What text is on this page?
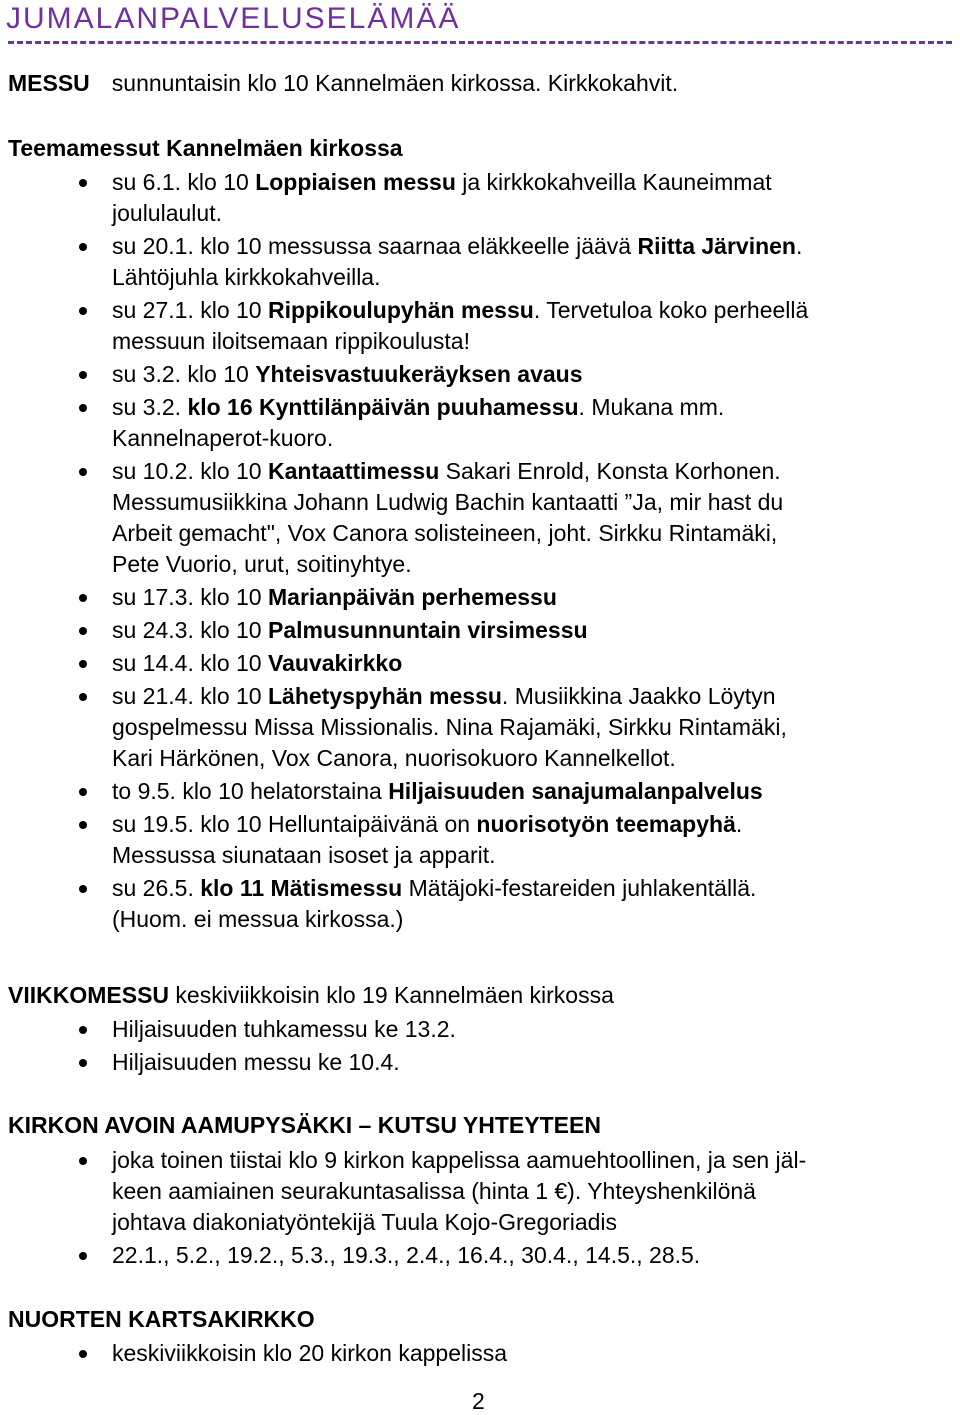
JUMALANPALVELUSELÄMÄÄ
MESSU sunnuntaisin klo 10 Kannelmäen kirkossa. Kirkkokahvit.
Teemamessut Kannelmäen kirkossa
su 6.1. klo 10 Loppiaisen messu ja kirkkokahveilla Kauneimmat
joululaulut.
su 20.1. klo 10 messussa saarnaa eläkkeelle jäävä Riitta Järvinen.
Lähtöjuhla kirkkokahveilla.
su 27.1. klo 10 Rippikoulupyhän messu. Tervetuloa koko perheellä
messuun iloitsemaan rippikoulusta!
su 3.2. klo 10 Yhteisvastuukeräyksen avaus
su 3.2. klo 16 Kynttilänpäivän puuhamessu. Mukana mm.
Kannelnaperot-kuoro.
su 10.2. klo 10 Kantaattimessu Sakari Enrold, Konsta Korhonen.
Messumusiikkina Johann Ludwig Bachin kantaatti ”Ja, mir hast du
Arbeit gemacht", Vox Canora solisteineen, joht. Sirkku Rintamäki,
Pete Vuorio, urut, soitinyhtye.
su 17.3. klo 10 Marianpäivän perhemessu
su 24.3. klo 10 Palmusunnuntain virsimessu
su 14.4. klo 10 Vauvakirkko
su 21.4. klo 10 Lähetyspyhän messu. Musiikkina Jaakko Löytyn
gospelmessu Missa Missionalis. Nina Rajamäki, Sirkku Rintamäki,
Kari Härkönen, Vox Canora, nuorisokuoro Kannelkellot.
to 9.5. klo 10 helatorstaina Hiljaisuuden sanajumalanpalvelus
su 19.5. klo 10 Helluntaipäivänä on nuorisotyön teemapyhä.
Messussa siunataan isoset ja apparit.
su 26.5. klo 11 Mätismessu Mätäjoki-festareiden juhlakentällä.
(Huom. ei messua kirkossa.)
VIIKKOMESSU keskiviikkoisin klo 19 Kannelmäen kirkossa
Hiljaisuuden tuhkamessu ke 13.2.
Hiljaisuuden messu ke 10.4.
KIRKON AVOIN AAMUPYSÄKKI – KUTSU YHTEYTEEN
joka toinen tiistai klo 9 kirkon kappelissa aamuehtoollinen, ja sen jäl-
keen aamiainen seurakuntasalissa (hinta 1 €). Yhteyshenkilönä
johtava diakoniatyöntekijä Tuula Kojo-Gregoriadis
22.1., 5.2., 19.2., 5.3., 19.3., 2.4., 16.4., 30.4., 14.5., 28.5.
NUORTEN KARTSAKIRKKO
keskiviikkoisin klo 20 kirkon kappelissa
2
